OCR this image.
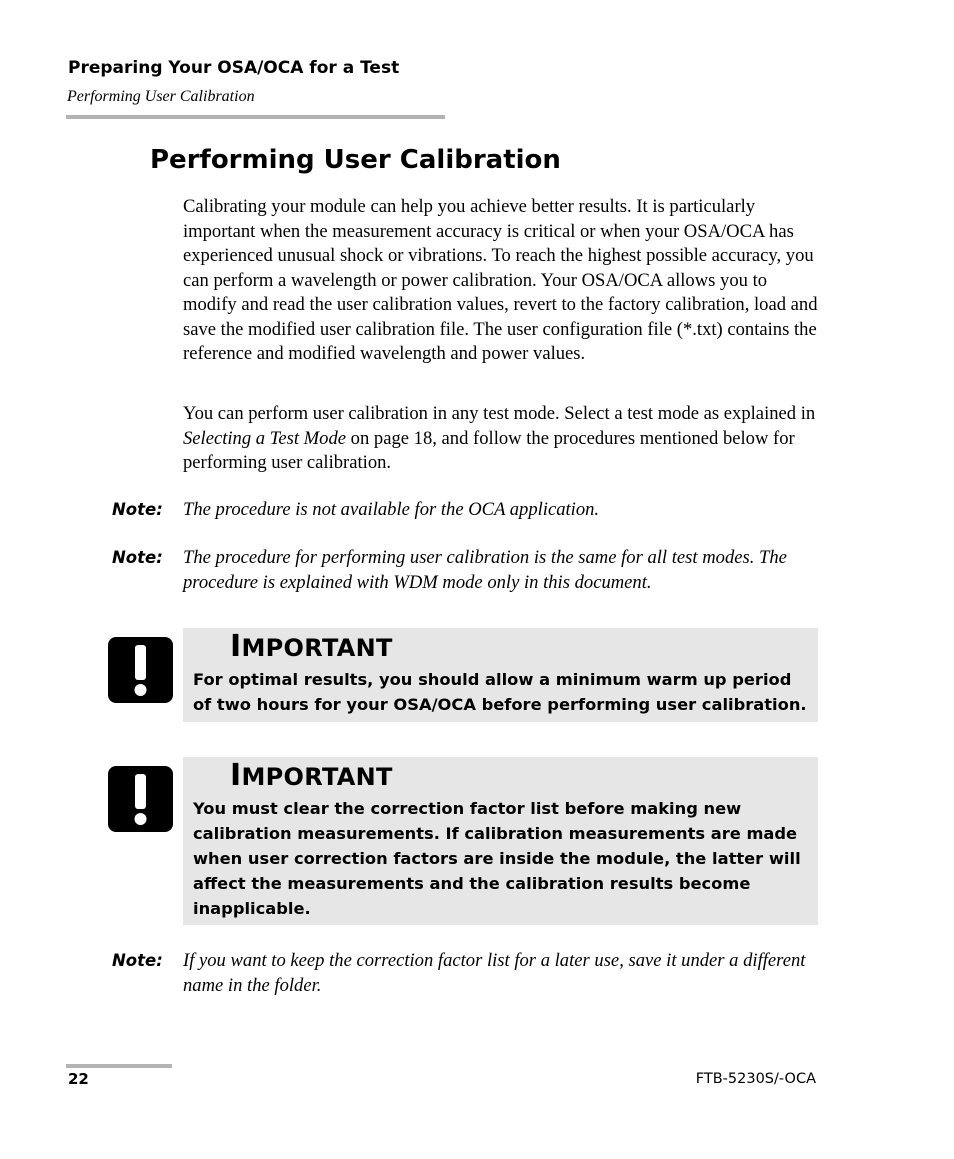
Preparing Your OSA/OCA for a Test
Performing User Calibration
Performing User Calibration
Calibrating your module can help you achieve better results. It is particularly important when the measurement accuracy is critical or when your OSA/OCA has experienced unusual shock or vibrations. To reach the highest possible accuracy, you can perform a wavelength or power calibration. Your OSA/OCA allows you to modify and read the user calibration values, revert to the factory calibration, load and save the modified user calibration file. The user configuration file (*.txt) contains the reference and modified wavelength and power values.
You can perform user calibration in any test mode. Select a test mode as explained in Selecting a Test Mode on page 18, and follow the procedures mentioned below for performing user calibration.
Note: The procedure is not available for the OCA application.
Note: The procedure for performing user calibration is the same for all test modes. The procedure is explained with WDM mode only in this document.
For optimal results, you should allow a minimum warm up period of two hours for your OSA/OCA before performing user calibration.
IMPORTANT
You must clear the correction factor list before making new calibration measurements. If calibration measurements are made when user correction factors are inside the module, the latter will affect the measurements and the calibration results become inapplicable.
IMPORTANT
Note: If you want to keep the correction factor list for a later use, save it under a different name in the folder.
22	FTB-5230S/-OCA
